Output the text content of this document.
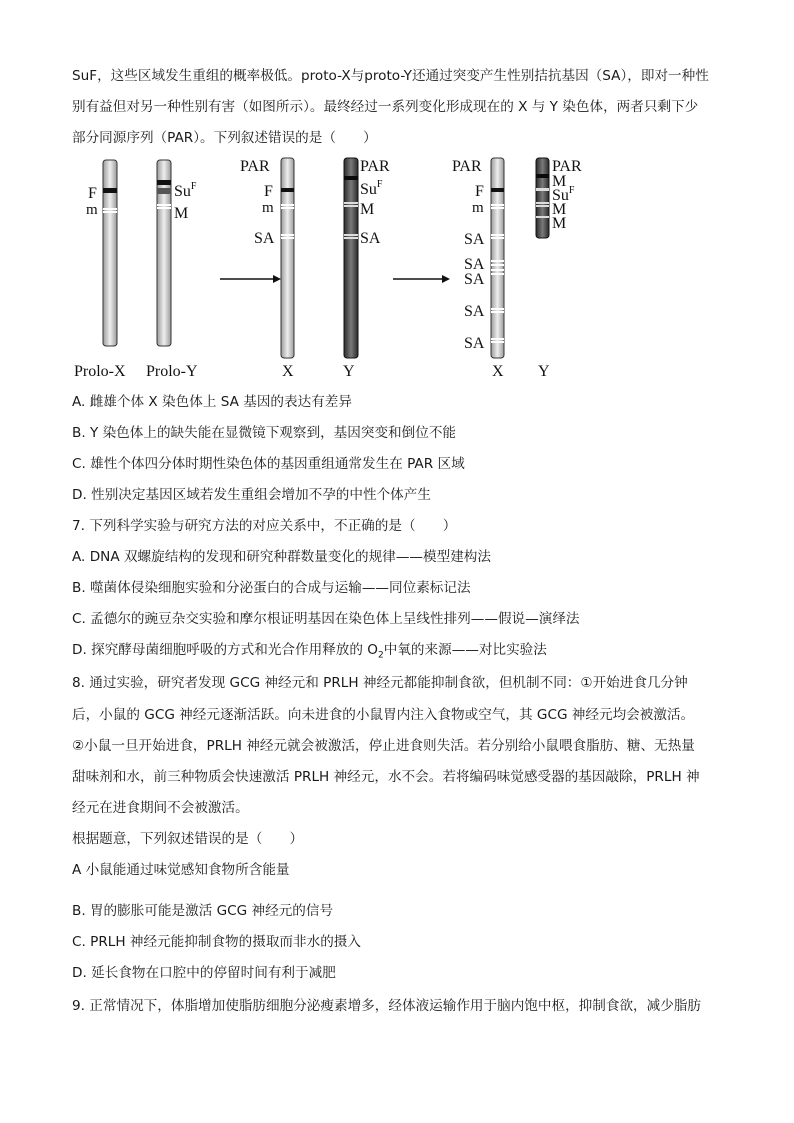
SuF，这些区域发生重组的概率极低。proto-X与proto-Y还通过突变产生性别拮抗基因（SA），即对一种性
别有益但对另一种性别有害（如图所示）。最终经过一系列变化形成现在的 X 与 Y 染色体，两者只剩下少
部分同源序列（PAR）。下列叙述错误的是（　　）
F
m
$Su^F$
M
Prolo-X Prolo-Y
PAR
F
m
SA
X
PAR
$Su^F$
M
SA
Y
PAR
F
m
SA
SA
SA
SA
SA
X
PAR
M
$Su^F$
M
M
Y
A. 雌雄个体 X 染色体上 SA 基因的表达有差异
B. Y 染色体上的缺失能在显微镜下观察到，基因突变和倒位不能
C. 雄性个体四分体时期性染色体的基因重组通常发生在 PAR 区域
D. 性别决定基因区域若发生重组会增加不孕的中性个体产生
7. 下列科学实验与研究方法的对应关系中，不正确的是（　　）
A. DNA 双螺旋结构的发现和研究种群数量变化的规律——模型建构法
B. 噬菌体侵染细胞实验和分泌蛋白的合成与运输——同位素标记法
C. 孟德尔的豌豆杂交实验和摩尔根证明基因在染色体上呈线性排列——假说—演绎法
D. 探究酵母菌细胞呼吸的方式和光合作用释放的 $O_2$中氧的来源——对比实验法
8. 通过实验，研究者发现 GCG 神经元和 PRLH 神经元都能抑制食欲，但机制不同：①开始进食几分钟
后，小鼠的 GCG 神经元逐渐活跃。向未进食的小鼠胃内注入食物或空气，其 GCG 神经元均会被激活。
②小鼠一旦开始进食，PRLH 神经元就会被激活，停止进食则失活。若分别给小鼠喂食脂肪、糖、无热量
甜味剂和水，前三种物质会快速激活 PRLH 神经元，水不会。若将编码味觉感受器的基因敲除，PRLH 神
经元在进食期间不会被激活。
根据题意，下列叙述错误的是（　　）
A 小鼠能通过味觉感知食物所含能量
B. 胃的膨胀可能是激活 GCG 神经元的信号
C. PRLH 神经元能抑制食物的摄取而非水的摄入
D. 延长食物在口腔中的停留时间有利于减肥
9. 正常情况下，体脂增加使脂肪细胞分泌瘦素增多，经体液运输作用于脑内饱中枢，抑制食欲，减少脂肪
